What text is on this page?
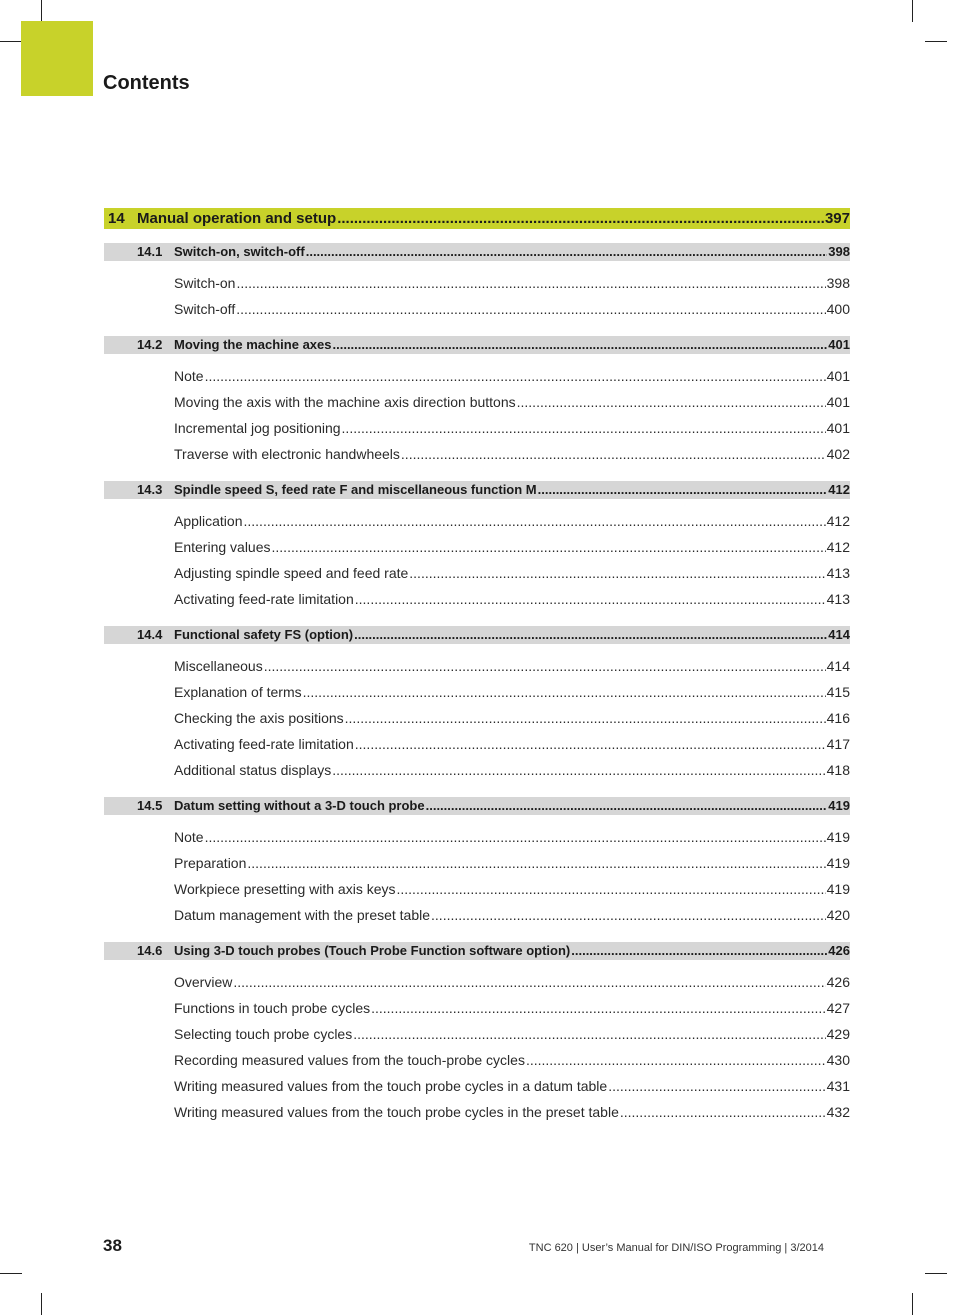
Contents
14 Manual operation and setup .....	397
14.1 Switch-on, switch-off .....	398
Switch-on .....	398
Switch-off .....	400
14.2 Moving the machine axes .....	401
Note .....	401
Moving the axis with the machine axis direction buttons .....	401
Incremental jog positioning .....	401
Traverse with electronic handwheels .....	402
14.3 Spindle speed S, feed rate F and miscellaneous function M .....	412
Application .....	412
Entering values .....	412
Adjusting spindle speed and feed rate .....	413
Activating feed-rate limitation .....	413
14.4 Functional safety FS (option) .....	414
Miscellaneous .....	414
Explanation of terms .....	415
Checking the axis positions .....	416
Activating feed-rate limitation .....	417
Additional status displays .....	418
14.5 Datum setting without a 3-D touch probe .....	419
Note .....	419
Preparation .....	419
Workpiece presetting with axis keys .....	419
Datum management with the preset table .....	420
14.6 Using 3-D touch probes (Touch Probe Function software option) .....	426
Overview .....	426
Functions in touch probe cycles .....	427
Selecting touch probe cycles .....	429
Recording measured values from the touch-probe cycles .....	430
Writing measured values from the touch probe cycles in a datum table .....	431
Writing measured values from the touch probe cycles in the preset table .....	432
38	TNC 620 | User’s Manual for DIN/ISO Programming | 3/2014
